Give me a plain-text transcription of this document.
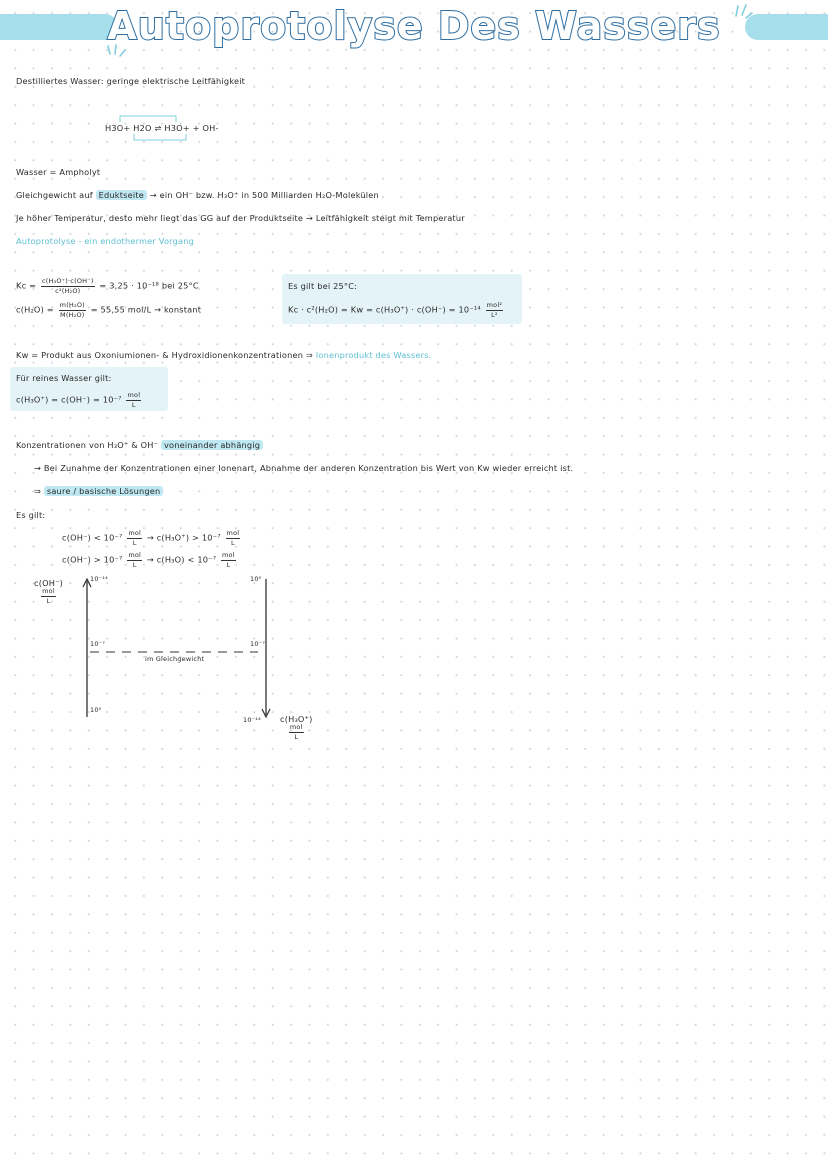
Autoprotolyse Des Wassers
Destilliertes Wasser: geringe elektrische Leitfähigkeit
H3O+ H2O ⇌ H3O+ + OH-
Wasser = Ampholyt
Gleichgewicht auf Eduktseite → ein OH⁻ bzw. H₃O⁺ in 500 Milliarden H₂O-Molekülen
Je höher Temperatur, desto mehr liegt das GG auf der Produktseite → Leitfähigkeit steigt mit Temperatur
Autoprotolyse - ein endothermer Vorgang
$Kc = \frac{\text{c(H₃O⁺)·c(OH⁻)}}{\text{c²(H₂O)}} = 3,25 \cdot 10^{-18}$ bei 25°C
$c(H_2O) = \frac{\text{m(H₂O)}}{\text{M(H₂O)}} = 55,55$ mol/L → konstant
Es gilt bei 25°C:
$Kc \cdot c^2(H_2O) = Kw = c(H_3O^+) \cdot c(OH^-) = 10^{-14} \frac{\text{mol²}}{\text{L²}}$
Kw = Produkt aus Oxoniumionen- & Hydroxidionenkonzentrationen ⇒ Ionenprodukt des Wassers.
Für reines Wasser gilt:
$c(H_3O^+) = c(OH^-) = 10^{-7} \frac{\text{mol}}{L}$
Konzentrationen von H₃O⁺ & OH⁻ voneinander abhängig
→ Bei Zunahme der Konzentrationen einer Ionenart, Abnahme der anderen Konzentration bis Wert von Kw wieder erreicht ist.
⇒ saure / basische Lösungen
Es gilt:
$c(OH^-) < 10^{-7} \frac{\text{mol}}{L} \to c(H_3O^+) > 10^{-7} \frac{\text{mol}}{L}$
$c(OH^-) > 10^{-7} \frac{\text{mol}}{L} \to c(H_3O) < 10^{-7} \frac{\text{mol}}{L}$
c(OH⁻)
$\frac{\text{mol}}{L}$
10⁻¹⁴
10⁻⁷
10⁰
10⁰
10⁻⁷
10⁻¹⁴
im Gleichgewicht
c(H₃O⁺)
$\frac{\text{mol}}{L}$
